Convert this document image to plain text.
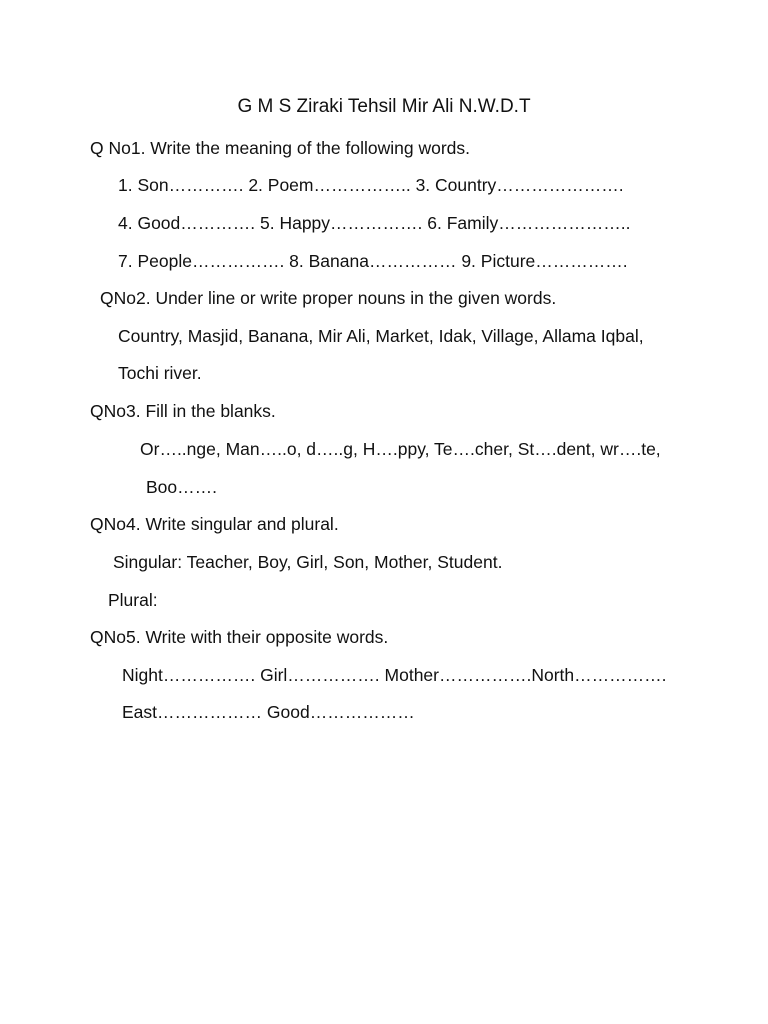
G M S Ziraki Tehsil Mir Ali N.W.D.T
Q No1. Write the meaning of the following words.
1. Son…………. 2. Poem…………….. 3. Country………………….
4. Good…………. 5. Happy……………. 6. Family…………………..
7. People……………. 8. Banana…………… 9. Picture…………….
QNo2. Under line or write proper nouns in the given words.
Country, Masjid, Banana, Mir Ali, Market, Idak, Village, Allama Iqbal,
Tochi river.
QNo3. Fill in the blanks.
Or…..nge, Man…..o, d…..g, H….ppy, Te….cher, St….dent, wr….te,
Boo…….
QNo4. Write singular and plural.
Singular: Teacher, Boy, Girl, Son, Mother, Student.
Plural:
QNo5. Write with their opposite words.
Night……………. Girl……………. Mother…………….North…………….
East……………… Good………………
